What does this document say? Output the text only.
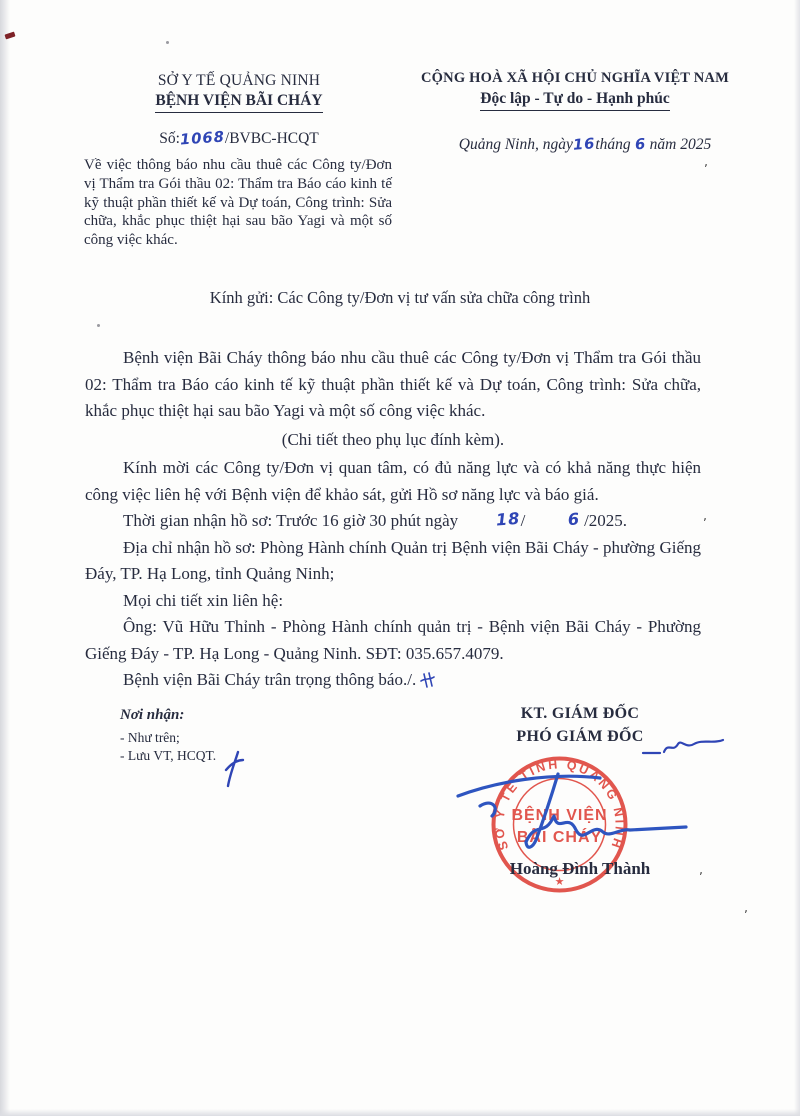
ʼ
ʼ
ʼ
ʼ
SỞ Y TẾ QUẢNG NINH
BỆNH VIỆN BÃI CHÁY
CỘNG HOÀ XÃ HỘI CHỦ NGHĨA VIỆT NAM
Độc lập - Tự do - Hạnh phúc
Số:1068/BVBC-HCQT	Quảng Ninh, ngày16tháng 6 năm 2025
Về việc thông báo nhu cầu thuê các Công ty/Đơn vị Thẩm tra Gói thầu 02: Thẩm tra Báo cáo kinh tế kỹ thuật phần thiết kế và Dự toán, Công trình: Sửa chữa, khắc phục thiệt hại sau bão Yagi và một số công việc khác.
Kính gửi: Các Công ty/Đơn vị tư vấn sửa chữa công trình

Bệnh viện Bãi Cháy thông báo nhu cầu thuê các Công ty/Đơn vị Thẩm tra Gói thầu 02: Thẩm tra Báo cáo kinh tế kỹ thuật phần thiết kế và Dự toán, Công trình: Sửa chữa, khắc phục thiệt hại sau bão Yagi và một số công việc khác.

(Chi tiết theo phụ lục đính kèm).

Kính mời các Công ty/Đơn vị quan tâm, có đủ năng lực và có khả năng thực hiện công việc liên hệ với Bệnh viện để khảo sát, gửi Hồ sơ năng lực và báo giá.

Thời gian nhận hồ sơ: Trước 16 giờ 30 phút ngày 18/	6 /2025.

Địa chỉ nhận hồ sơ: Phòng Hành chính Quản trị Bệnh viện Bãi Cháy - phường Giếng Đáy, TP. Hạ Long, tỉnh Quảng Ninh;

Mọi chi tiết xin liên hệ:

Ông: Vũ Hữu Thỉnh - Phòng Hành chính quản trị - Bệnh viện Bãi Cháy - Phường Giếng Đáy - TP. Hạ Long - Quảng Ninh. SĐT: 035.657.4079.

Bệnh viện Bãi Cháy trân trọng thông báo./.

Nơi nhận:
- Như trên;
- Lưu VT, HCQT.
KT. GIÁM ĐỐC
PHÓ GIÁM ĐỐC
SỞ Y TẾ TỈNH QUẢNG NINH
BỆNH VIỆN
BÃI CHÁY
★
Hoàng Đình Thành
